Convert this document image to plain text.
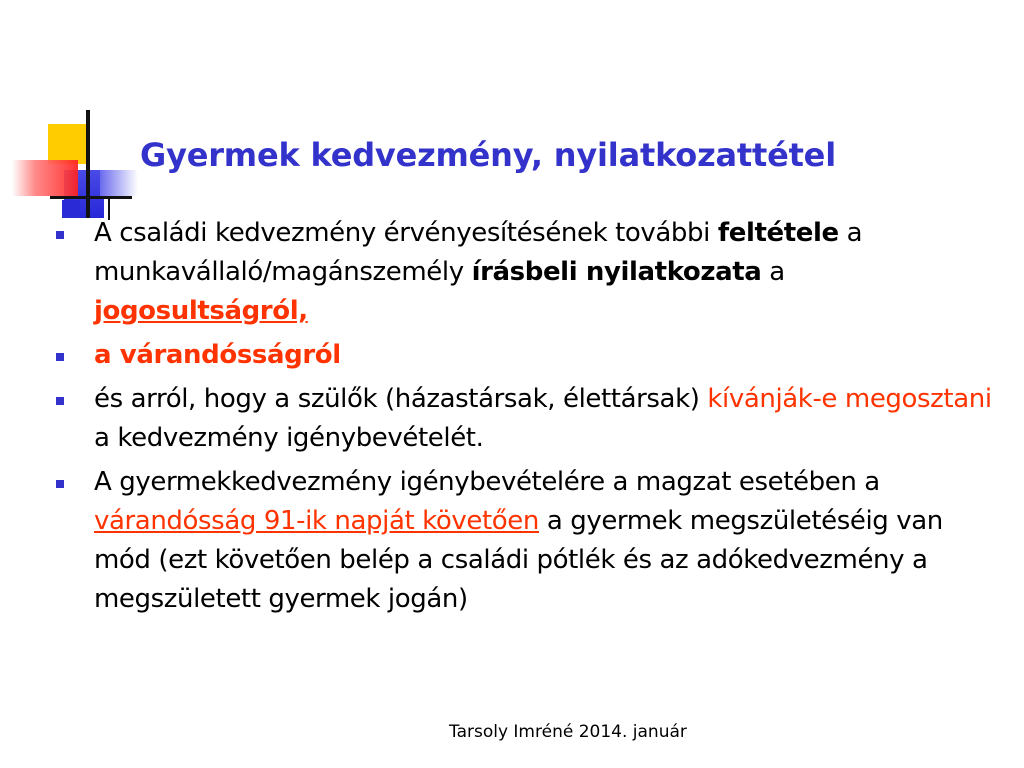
Gyermek kedvezmény, nyilatkozattétel
A családi kedvezmény érvényesítésének további feltétele a munkavállaló/magánszemély írásbeli nyilatkozata a
jogosultságról,
a várandósságról
és arról, hogy a szülők (házastársak, élettársak) kívánják-e megosztani a kedvezmény igénybevételét.
A gyermekkedvezmény igénybevételére a magzat esetében a várandósság 91-ik napját követően a gyermek megszületéséig van mód (ezt követően belép a családi pótlék és az adókedvezmény a megszületett gyermek jogán)
Tarsoly Imréné 2014. január
